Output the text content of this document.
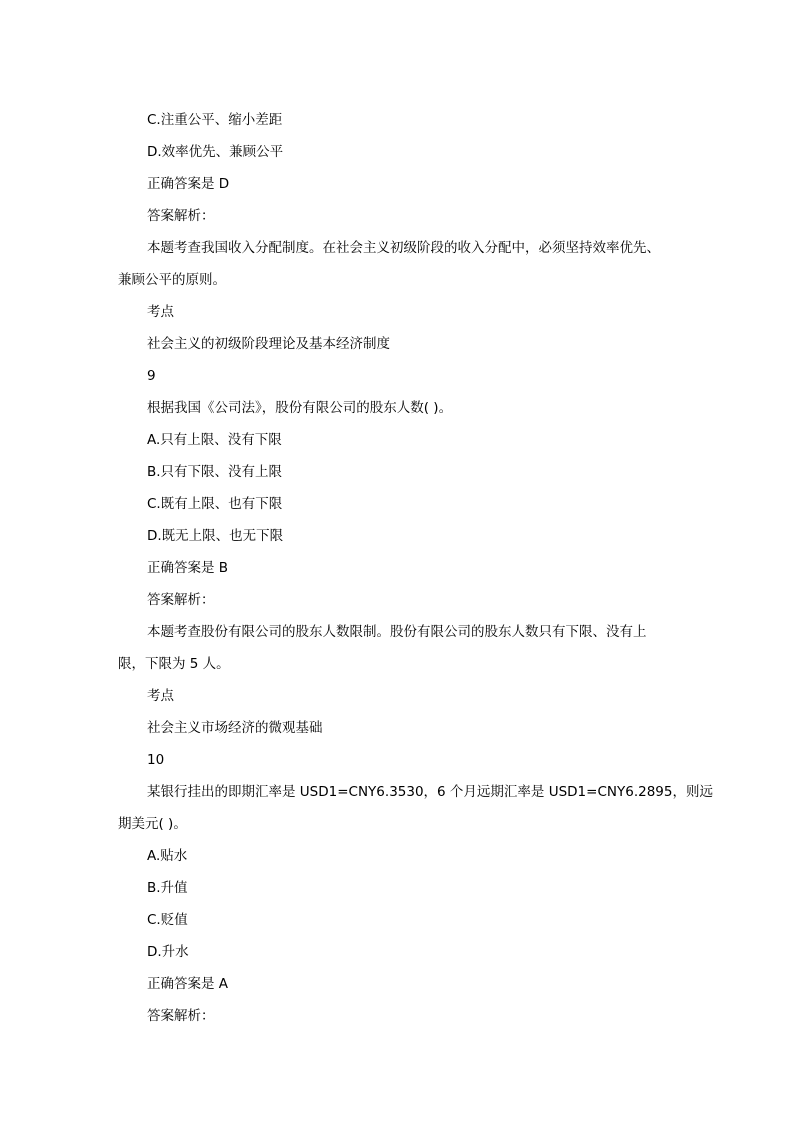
C.注重公平、缩小差距
D.效率优先、兼顾公平
正确答案是 D
答案解析：
本题考查我国收入分配制度。在社会主义初级阶段的收入分配中，必须坚持效率优先、
兼顾公平的原则。
考点
社会主义的初级阶段理论及基本经济制度
9
根据我国《公司法》，股份有限公司的股东人数( )。
A.只有上限、没有下限
B.只有下限、没有上限
C.既有上限、也有下限
D.既无上限、也无下限
正确答案是 B
答案解析：
本题考查股份有限公司的股东人数限制。股份有限公司的股东人数只有下限、没有上
限，下限为 5 人。
考点
社会主义市场经济的微观基础
10
某银行挂出的即期汇率是 USD1=CNY6.3530，6 个月远期汇率是 USD1=CNY6.2895，则远
期美元( )。
A.贴水
B.升值
C.贬值
D.升水
正确答案是 A
答案解析：
